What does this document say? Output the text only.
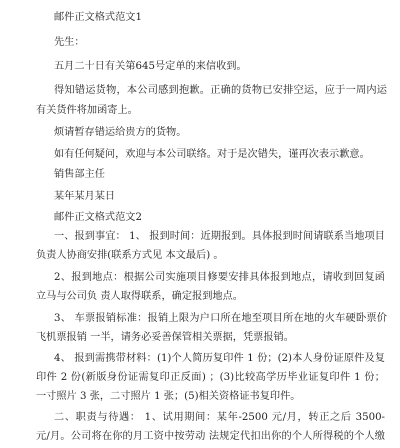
邮件正文格式范文1
先生：
五月二十日有关第645号定单的来信收到。
得知错运货物，本公司感到抱歉。正确的货物已安排空运，应于一周内运
有关货件将加函寄上。
烦请暂存错运给贵方的货物。
如有任何疑问，欢迎与本公司联络。对于是次错失，谨再次表示歉意。
销售部主任
某年某月某日
邮件正文格式范文2
一、报到事宜： 1、 报到时间：近期报到。具体报到时间请联系当地项目
负责人协商安排(联系方式见 本文最后) 。
2、报到地点：根据公司实施项目修要安排具体报到地点，请收到回复函
立马与公司负 责人取得联系，确定报到地点。
3、 车票报销标准：报销上限为户口所在地至项目所在地的火车硬卧票价
飞机票报销 一半，请务必妥善保管相关票据，凭票报销。
4、 报到需携带材料：(1)个人简历复印件 1 份；(2)本人身份证原件及复
印件 2 份(新版身份证需复印正反面) ；(3)比较高学历毕业证复印件 1 份；
一寸照片 3 张，二寸照片 1 张；(5)相关资格证书复印件。
二、职责与待遇： 1、试用期间：某年-2500 元/月，转正之后 3500-
元/月。公司将在你的月工资中按劳动 法规定代扣出你的个人所得税的个人缴
